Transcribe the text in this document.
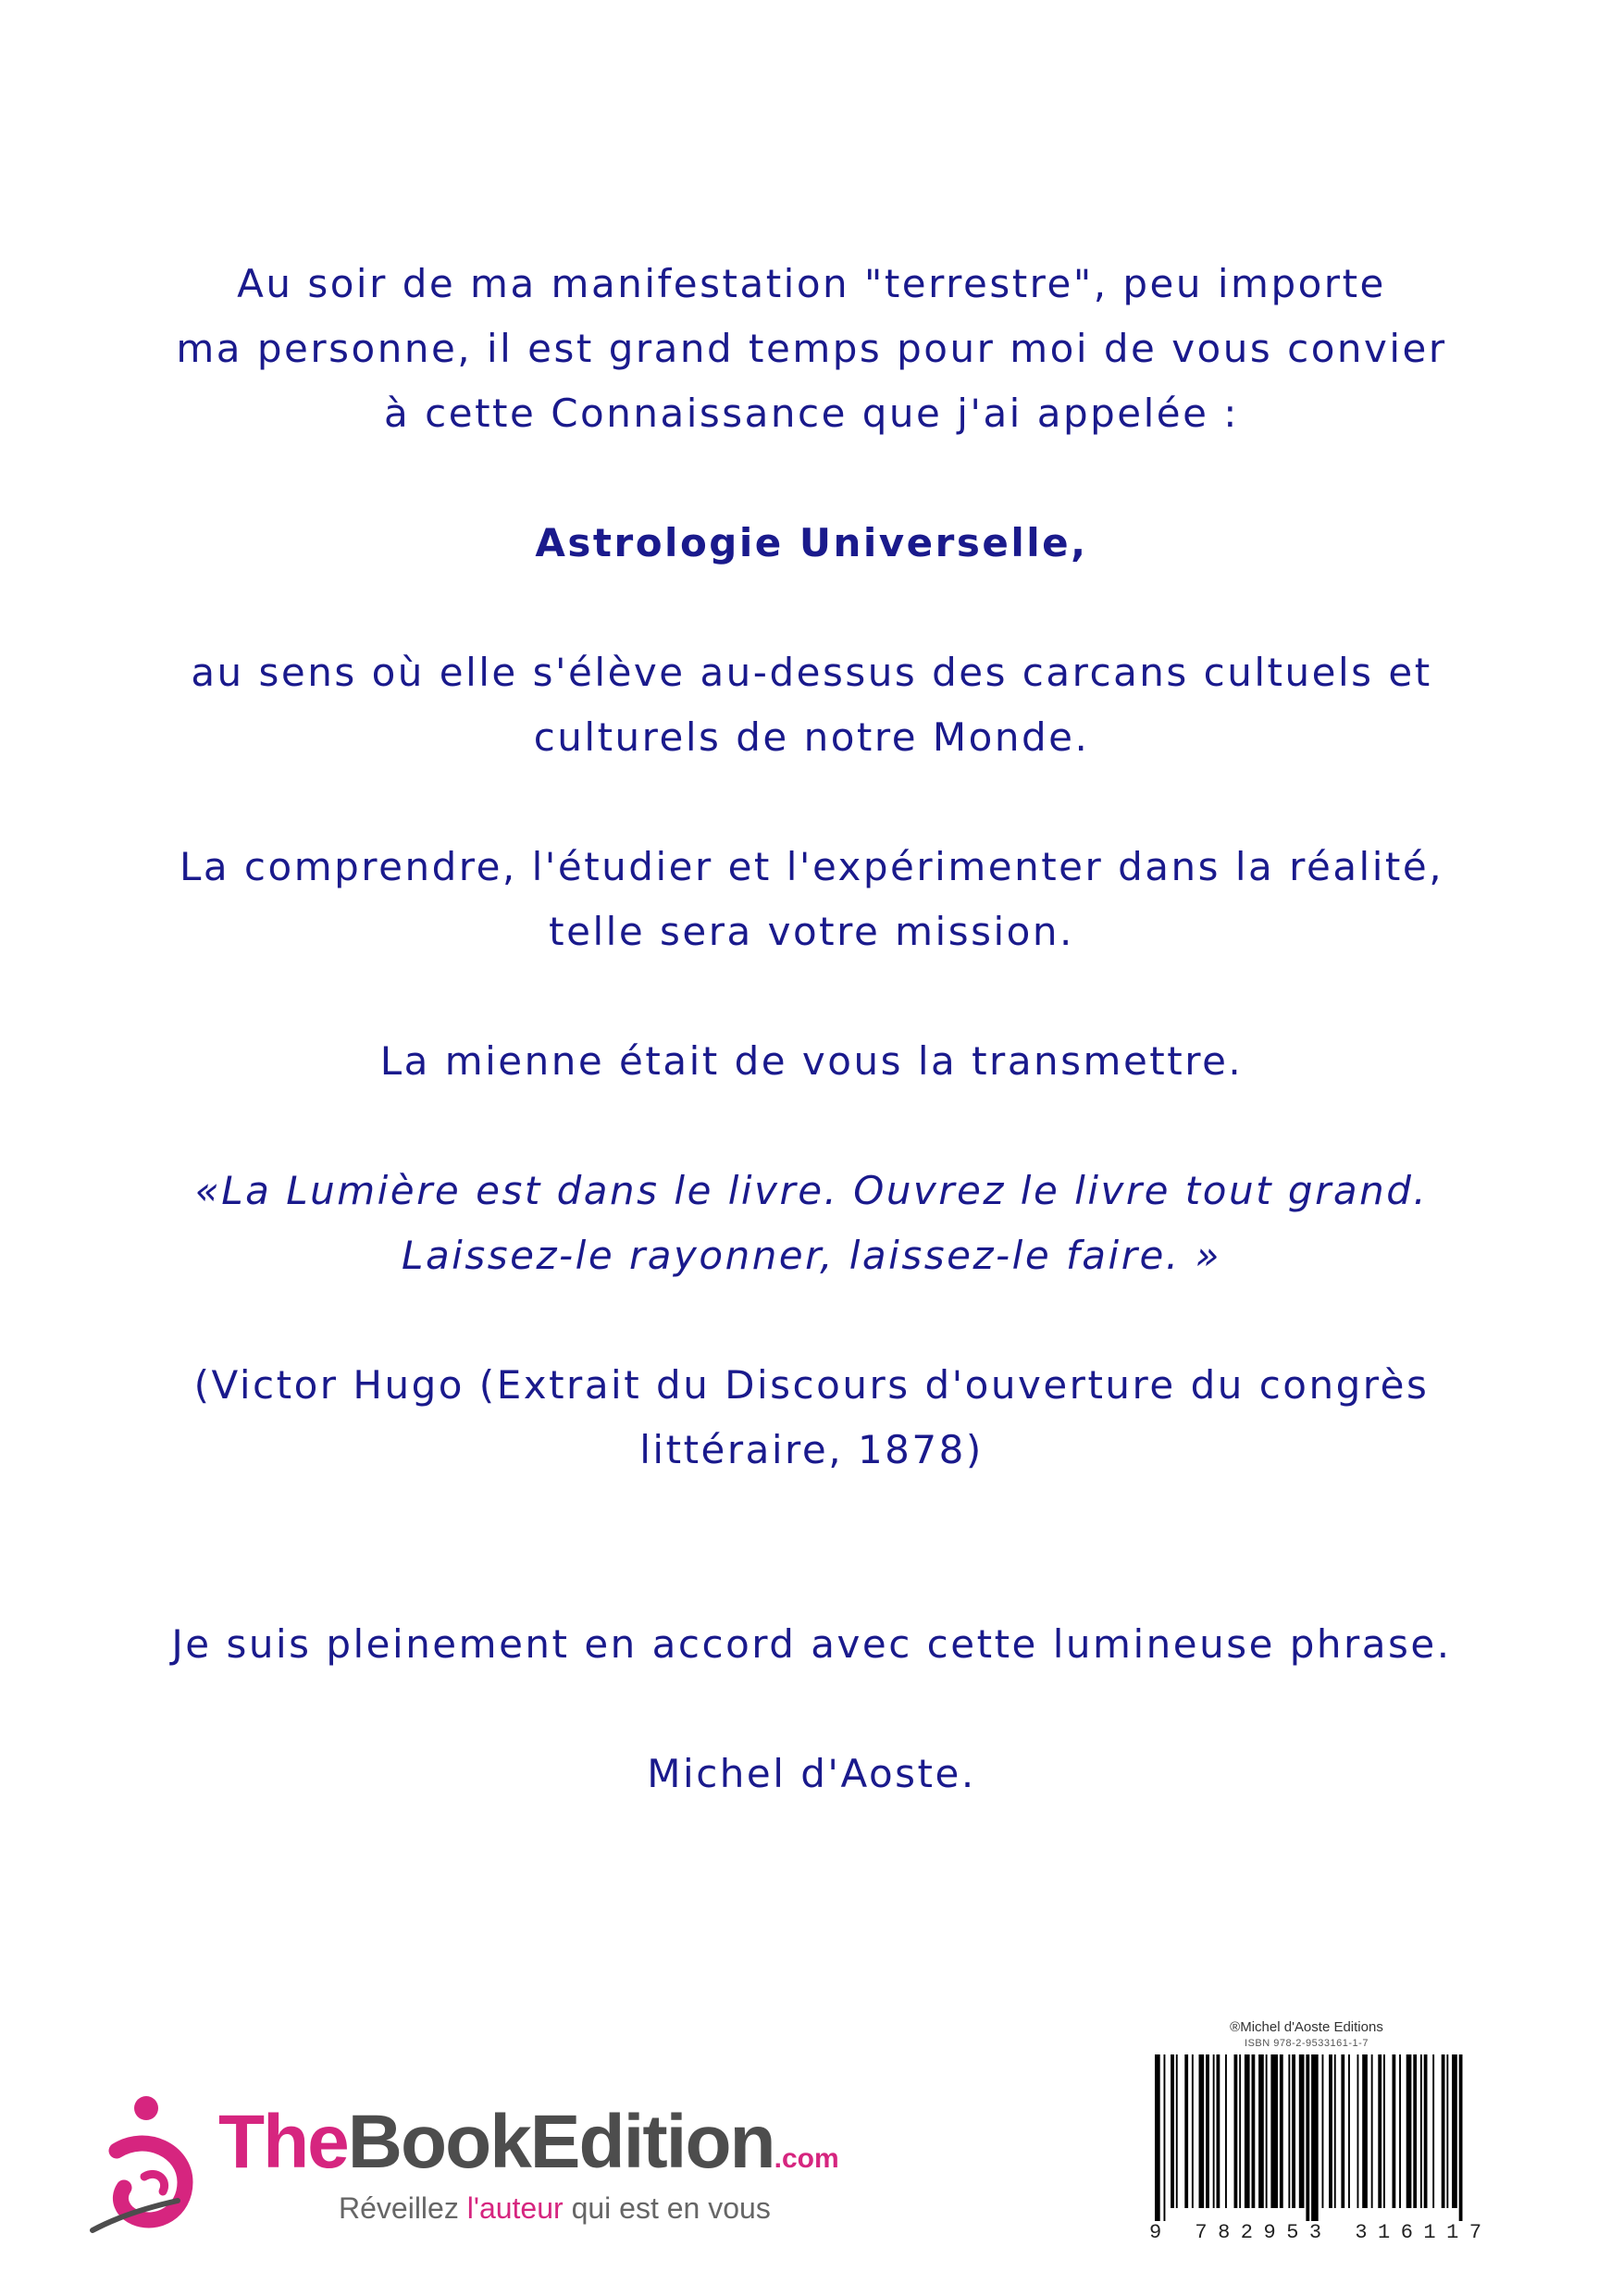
Au soir de ma manifestation "terrestre", peu importe

ma personne, il est grand temps pour moi de vous convier

à cette Connaissance que j'ai appelée :

Astrologie Universelle,

au sens où elle s'élève au-dessus des carcans cultuels et

culturels de notre Monde.

La comprendre, l'étudier et l'expérimenter dans la réalité,

telle sera votre mission.

La mienne était de vous la transmettre.

«La Lumière est dans le livre. Ouvrez le livre tout grand.

Laissez-le rayonner, laissez-le faire. »

(Victor Hugo (Extrait du Discours d'ouverture du congrès

littéraire, 1878)

Je suis pleinement en accord avec cette lumineuse phrase.

Michel d'Aoste.

®Michel d'Aoste Editions
ISBN 978-2-9533161-1-7
9 782953 316117
TheBookEdition.com
Réveillez l'auteur qui est en vous
